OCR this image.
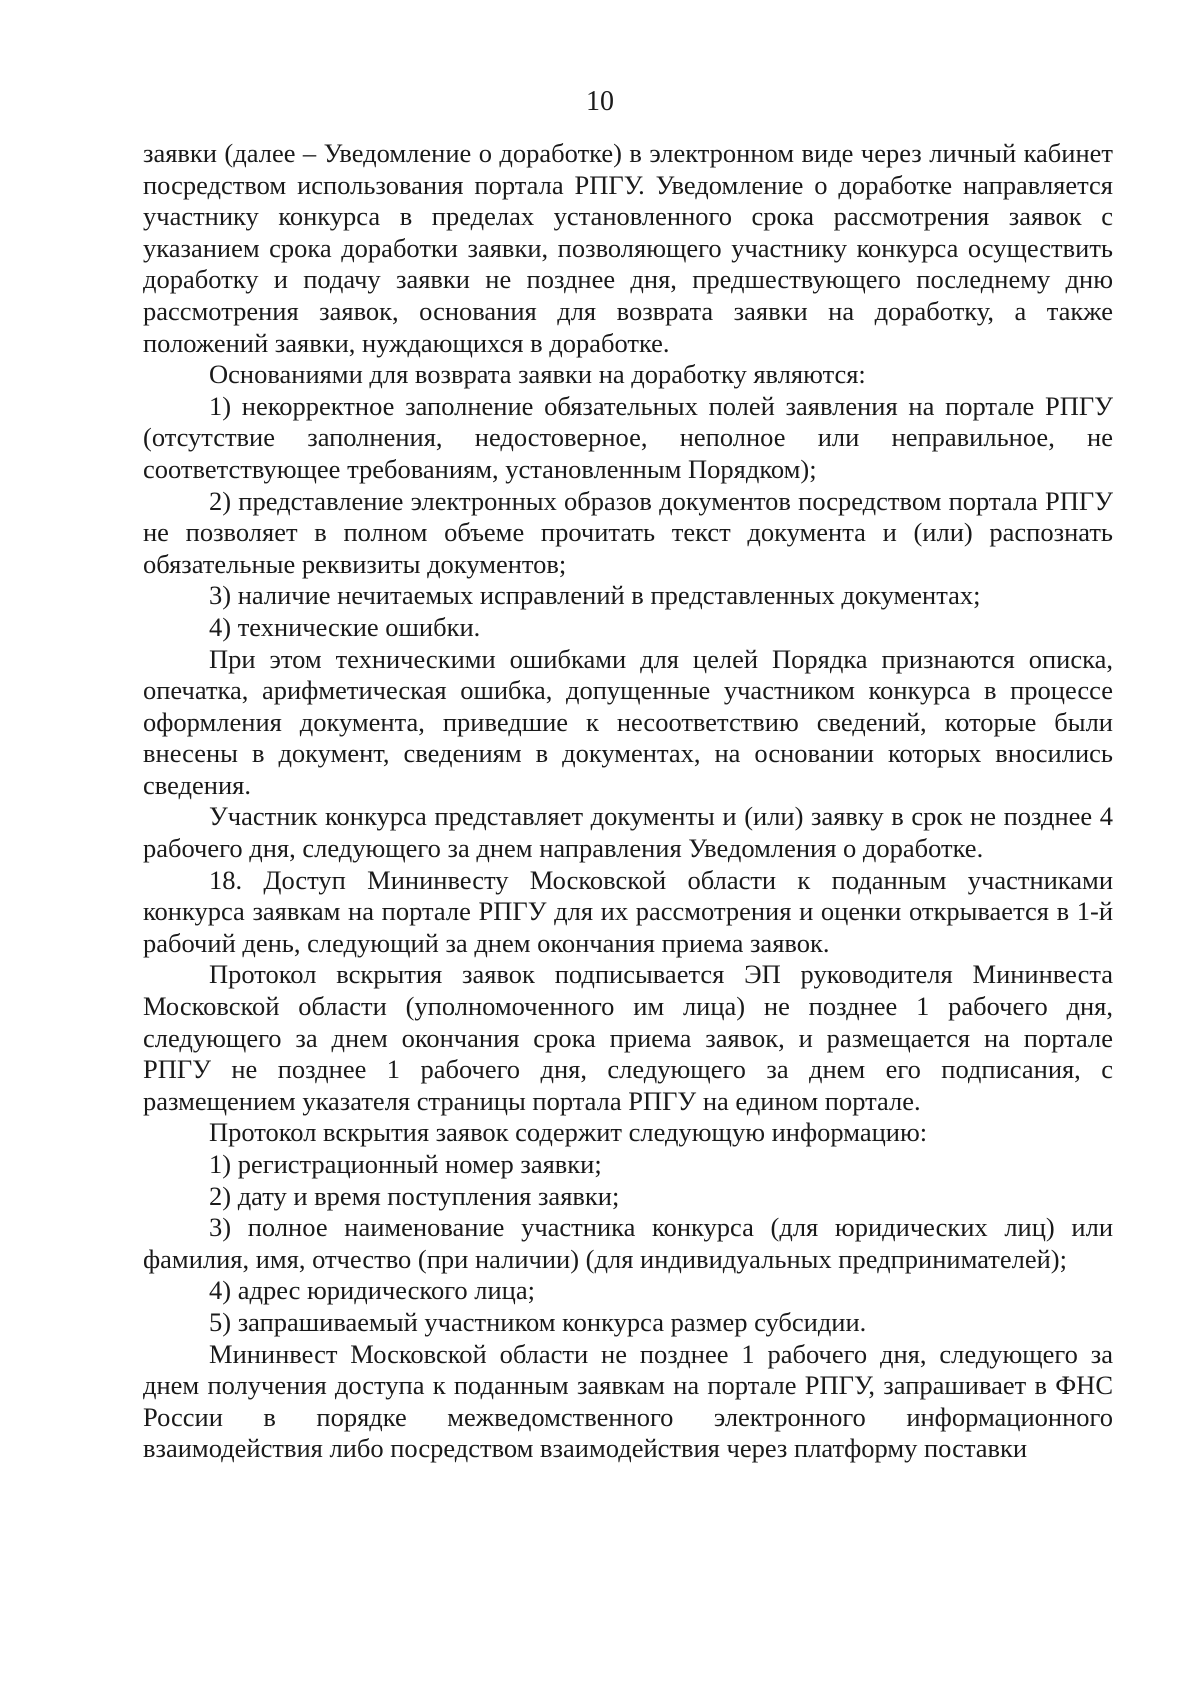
10

заявки (далее – Уведомление о доработке) в электронном виде через личный кабинет посредством использования портала РПГУ. Уведомление о доработке направляется участнику конкурса в пределах установленного срока рассмотрения заявок с указанием срока доработки заявки, позволяющего участнику конкурса осуществить доработку и подачу заявки не позднее дня, предшествующего последнему дню рассмотрения заявок, основания для возврата заявки на доработку, а также положений заявки, нуждающихся в доработке.

Основаниями для возврата заявки на доработку являются:

1) некорректное заполнение обязательных полей заявления на портале РПГУ (отсутствие заполнения, недостоверное, неполное или неправильное, не соответствующее требованиям, установленным Порядком);

2) представление электронных образов документов посредством портала РПГУ не позволяет в полном объеме прочитать текст документа и (или) распознать обязательные реквизиты документов;

3) наличие нечитаемых исправлений в представленных документах;

4) технические ошибки.

При этом техническими ошибками для целей Порядка признаются описка, опечатка, арифметическая ошибка, допущенные участником конкурса в процессе оформления документа, приведшие к несоответствию сведений, которые были внесены в документ, сведениям в документах, на основании которых вносились сведения.

Участник конкурса представляет документы и (или) заявку в срок не позднее 4 рабочего дня, следующего за днем направления Уведомления о доработке.

18. Доступ Мининвесту Московской области к поданным участниками конкурса заявкам на портале РПГУ для их рассмотрения и оценки открывается в 1-й рабочий день, следующий за днем окончания приема заявок.

Протокол вскрытия заявок подписывается ЭП руководителя Мининвеста Московской области (уполномоченного им лица) не позднее 1 рабочего дня, следующего за днем окончания срока приема заявок, и размещается на портале РПГУ не позднее 1 рабочего дня, следующего за днем его подписания, с размещением указателя страницы портала РПГУ на едином портале.

Протокол вскрытия заявок содержит следующую информацию:

1) регистрационный номер заявки;

2) дату и время поступления заявки;

3) полное наименование участника конкурса (для юридических лиц) или фамилия, имя, отчество (при наличии) (для индивидуальных предпринимателей);

4) адрес юридического лица;

5) запрашиваемый участником конкурса размер субсидии.

Мининвест Московской области не позднее 1 рабочего дня, следующего за днем получения доступа к поданным заявкам на портале РПГУ, запрашивает в ФНС России в порядке межведомственного электронного информационного взаимодействия либо посредством взаимодействия через платформу поставки
